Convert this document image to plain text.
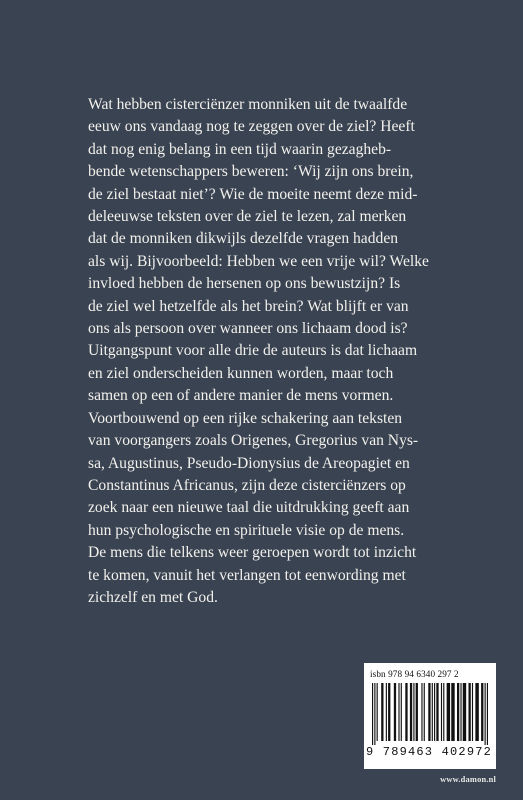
Wat hebben cisterciënzer monniken uit de twaalfde
eeuw ons vandaag nog te zeggen over de ziel? Heeft
dat nog enig belang in een tijd waarin gezaghеb-
bende wetenschappers beweren: ‘Wij zijn ons brein,
de ziel bestaat niet’? Wie de moeite neemt deze mid-
deleeuwse teksten over de ziel te lezen, zal merken
dat de monniken dikwijls dezelfde vragen hadden
als wij. Bijvoorbeeld: Hebben we een vrije wil? Welke
invloed hebben de hersenen op ons bewustzijn? Is
de ziel wel hetzelfde als het brein? Wat blijft er van
ons als persoon over wanneer ons lichaam dood is?
Uitgangspunt voor alle drie de auteurs is dat lichaam
en ziel onderscheiden kunnen worden, maar toch
samen op een of andere manier de mens vormen.
Voortbouwend op een rijke schakering aan teksten
van voorgangers zoals Origenes, Gregorius van Nys-
sa, Augustinus, Pseudo-Dionysius de Areopagiet en
Constantinus Africanus, zijn deze cisterciënzers op
zoek naar een nieuwe taal die uitdrukking geeft aan
hun psychologische en spirituele visie op de mens.
De mens die telkens weer geroepen wordt tot inzicht
te komen, vanuit het verlangen tot eenwording met
zichzelf en met God.
isbn 978 94 6340 297 2
9 789463 402972
www.damon.nl
